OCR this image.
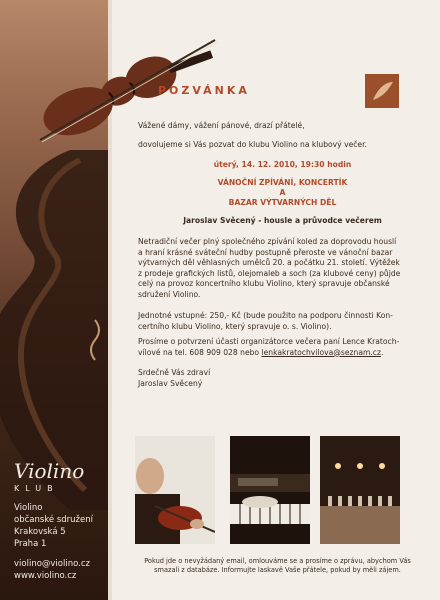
Violino
KLUB
Violino
občanské sdružení
Krakovská 5
Praha 1
violino@violino.cz
www.violino.cz
POZVÁNKA
Vážené dámy, vážení pánové, drazí přátelé,
dovolujeme si Vás pozvat do klubu Violino na klubový večer.
úterý, 14. 12. 2010, 19:30 hodin
VÁNOČNÍ ZPÍVÁNÍ, KONCERTÍK
A
BAZAR VÝTVARNÝCH DĚL
Jaroslav Svěcený - housle a průvodce večerem
Netradiční večer plný společného zpívání koled za doprovodu houslí
a hraní krásné sváteční hudby postupně přeroste ve vánoční bazar
výtvarných děl věhlasných umělců 20. a počátku 21. století. Výtěžek
z prodeje grafických listů, olejomaleb a soch (za klubové ceny) půjde
celý na provoz koncertního klubu Violino, který spravuje občanské
sdružení Violino.
Jednotné vstupné: 250,- Kč (bude použito na podporu činnosti Kon-
certního klubu Violino, který spravuje o. s. Violino).
Prosíme o potvrzení účasti organizátorce večera paní Lence Kratoch-
vílové na tel. 608 909 028 nebo lenkakratochvilova@seznam.cz.
Srdečně Vás zdraví
Jaroslav Svěcený
Pokud jde o nevyžádaný email, omlouváme se a prosíme o zprávu, abychom Vás
smazali z databáze. Informujte laskavě Vaše přátele, pokud by měli zájem.
